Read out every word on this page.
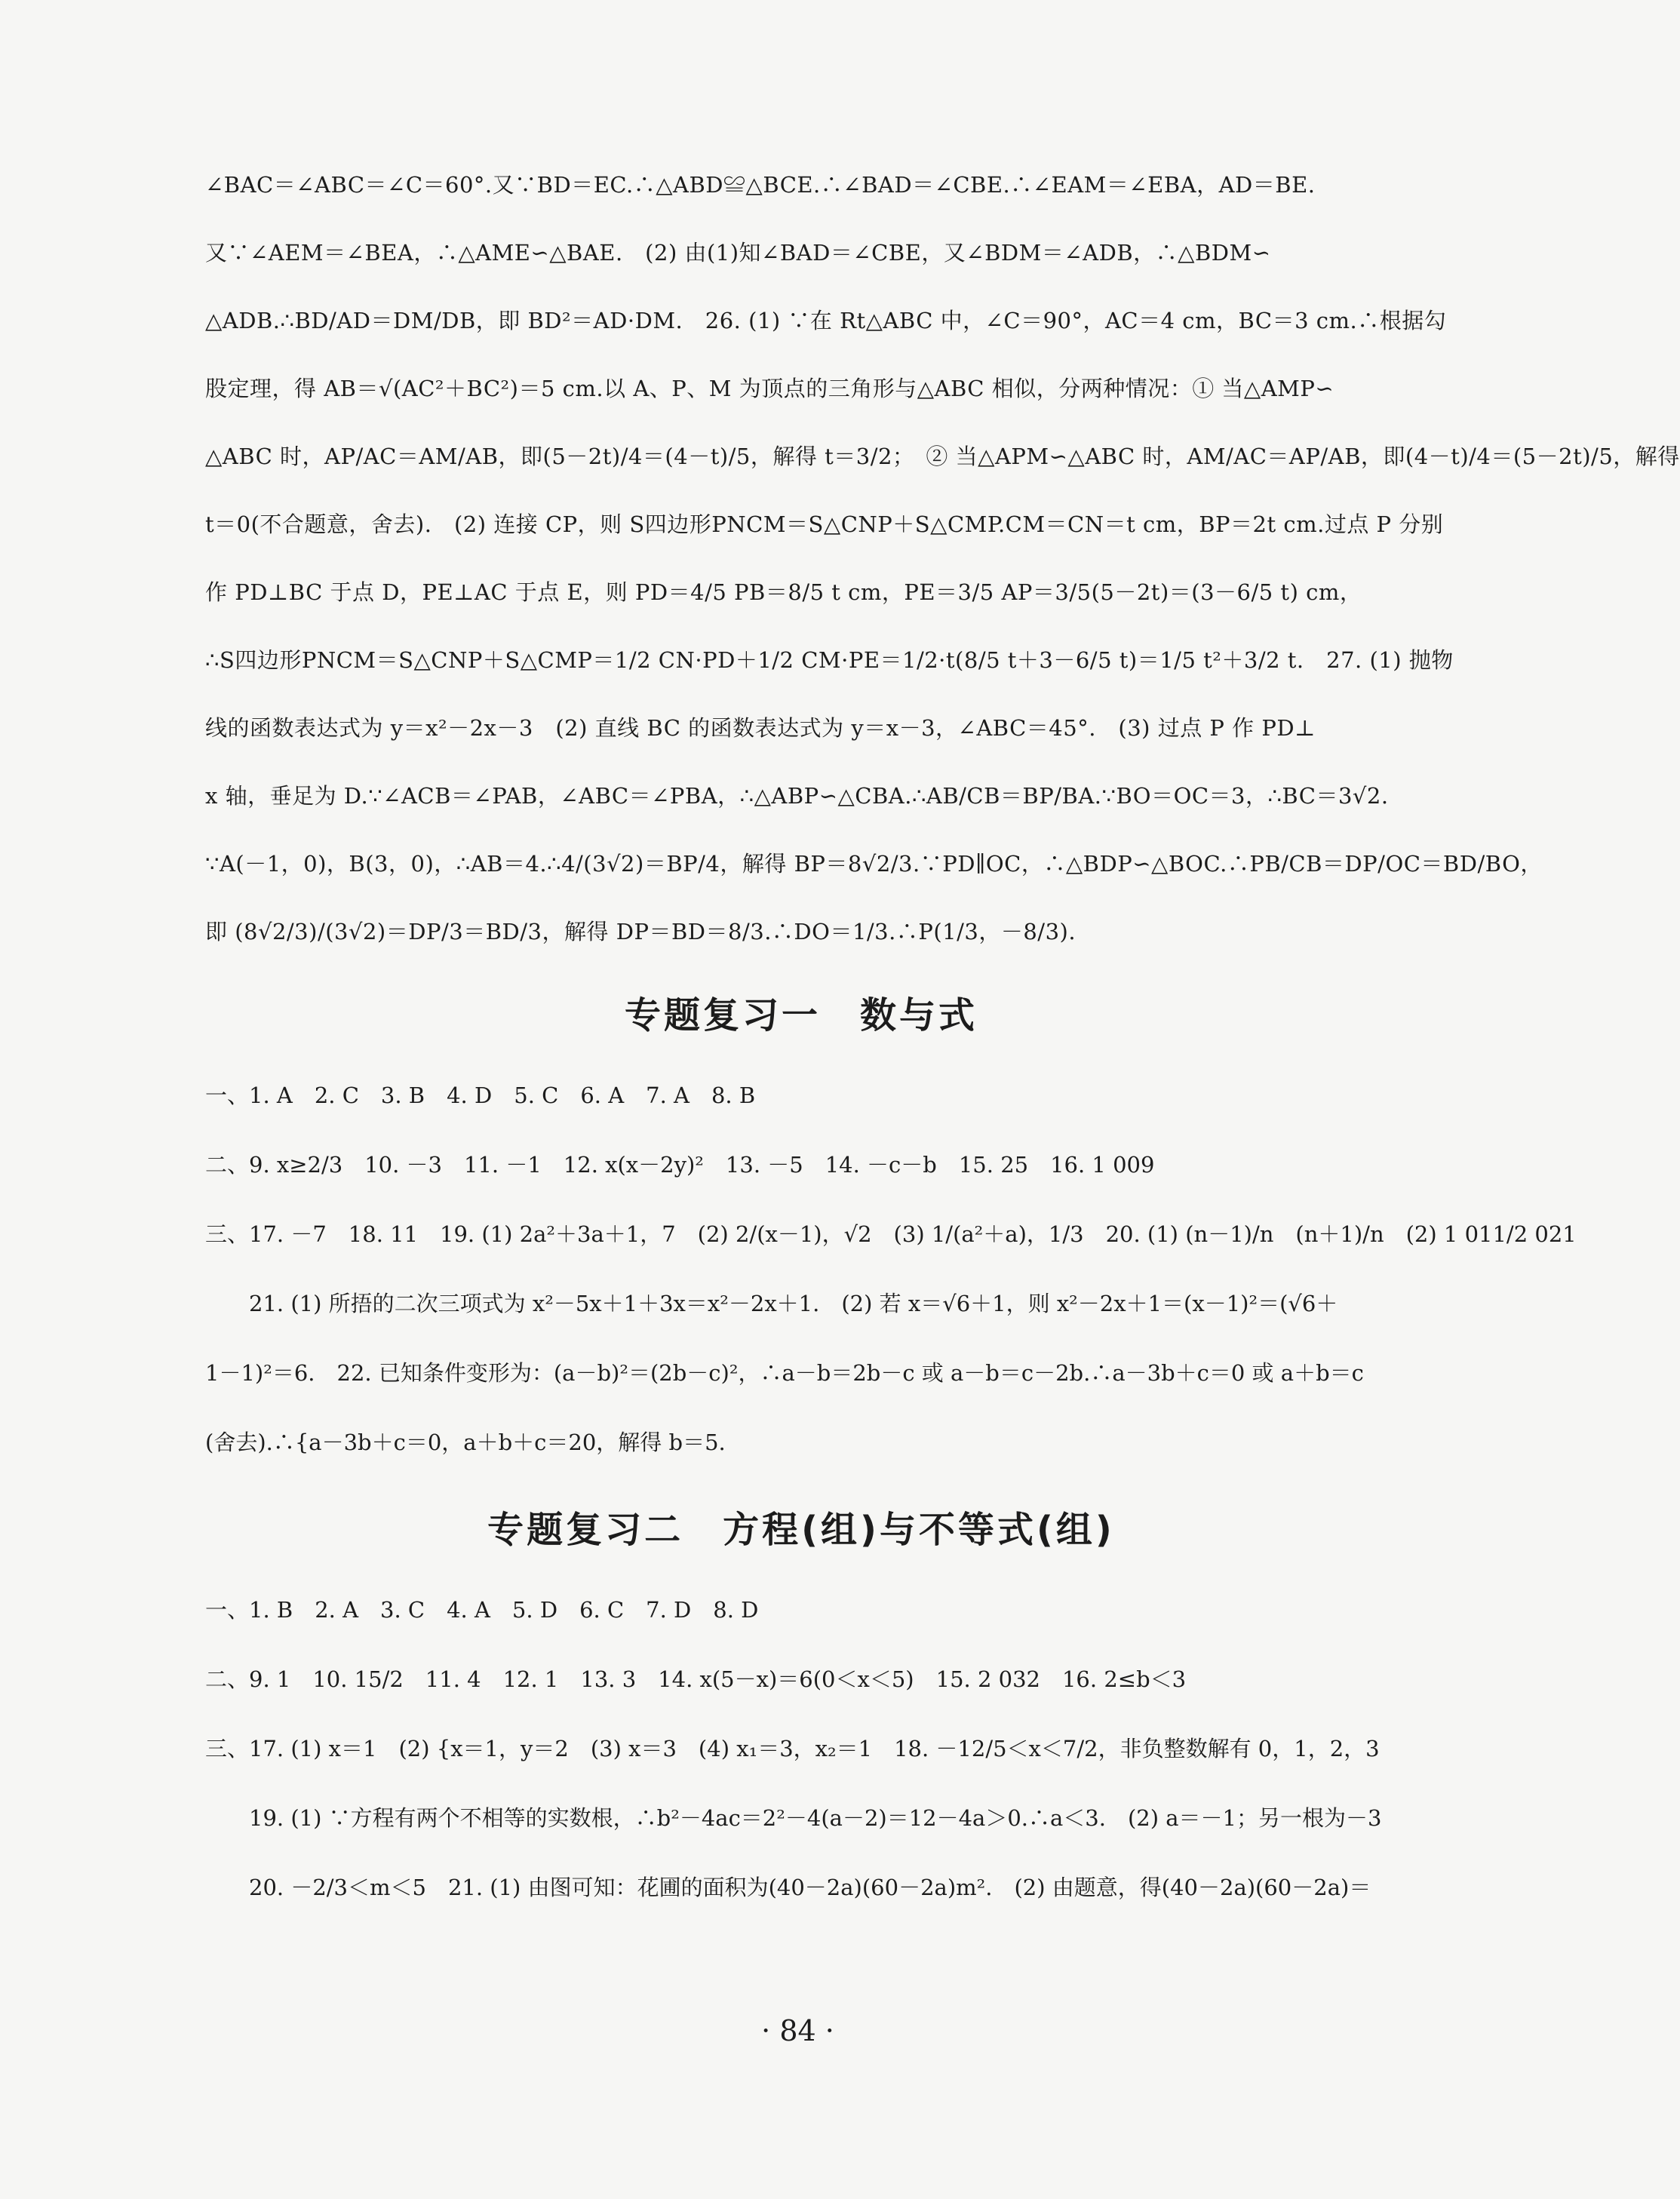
∠BAC＝∠ABC＝∠C＝60°.又∵BD＝EC.∴△ABD≌△BCE.∴∠BAD＝∠CBE.∴∠EAM＝∠EBA，AD＝BE.
又∵∠AEM＝∠BEA，∴△AME∽△BAE.　(2) 由(1)知∠BAD＝∠CBE，又∠BDM＝∠ADB，∴△BDM∽
△ADB.∴BD/AD＝DM/DB，即 BD²＝AD·DM.　26. (1) ∵在 Rt△ABC 中，∠C＝90°，AC＝4 cm，BC＝3 cm.∴根据勾
股定理，得 AB＝√(AC²＋BC²)＝5 cm.以 A、P、M 为顶点的三角形与△ABC 相似，分两种情况：① 当△AMP∽
△ABC 时，AP/AC＝AM/AB，即(5－2t)/4＝(4－t)/5，解得 t＝3/2；　② 当△APM∽△ABC 时，AM/AC＝AP/AB，即(4－t)/4＝(5－2t)/5，解得
t＝0(不合题意，舍去).　(2) 连接 CP，则 S四边形PNCM＝S△CNP＋S△CMP.CM＝CN＝t cm，BP＝2t cm.过点 P 分别
作 PD⊥BC 于点 D，PE⊥AC 于点 E，则 PD＝4/5 PB＝8/5 t cm，PE＝3/5 AP＝3/5(5－2t)＝(3－6/5 t) cm，
∴S四边形PNCM＝S△CNP＋S△CMP＝1/2 CN·PD＋1/2 CM·PE＝1/2·t(8/5 t＋3－6/5 t)＝1/5 t²＋3/2 t.　27. (1) 抛物
线的函数表达式为 y＝x²－2x－3　(2) 直线 BC 的函数表达式为 y＝x－3，∠ABC＝45°.　(3) 过点 P 作 PD⊥
x 轴，垂足为 D.∵∠ACB＝∠PAB，∠ABC＝∠PBA，∴△ABP∽△CBA.∴AB/CB＝BP/BA.∵BO＝OC＝3，∴BC＝3√2.
∵A(－1，0)，B(3，0)，∴AB＝4.∴4/(3√2)＝BP/4，解得 BP＝8√2/3.∵PD∥OC，∴△BDP∽△BOC.∴PB/CB＝DP/OC＝BD/BO，
即 (8√2/3)/(3√2)＝DP/3＝BD/3，解得 DP＝BD＝8/3.∴DO＝1/3.∴P(1/3，－8/3).
专题复习一　数与式
一、1. A　2. C　3. B　4. D　5. C　6. A　7. A　8. B
二、9. x≥2/3　10. －3　11. －1　12. x(x－2y)²　13. －5　14. －c－b　15. 25　16. 1 009
三、17. －7　18. 11　19. (1) 2a²＋3a＋1，7　(2) 2/(x－1)，√2　(3) 1/(a²＋a)，1/3　20. (1) (n－1)/n　(n＋1)/n　(2) 1 011/2 021
　　21. (1) 所捂的二次三项式为 x²－5x＋1＋3x＝x²－2x＋1.　(2) 若 x＝√6＋1，则 x²－2x＋1＝(x－1)²＝(√6＋
1－1)²＝6.　22. 已知条件变形为：(a－b)²＝(2b－c)²，∴a－b＝2b－c 或 a－b＝c－2b.∴a－3b＋c＝0 或 a＋b＝c
(舍去).∴{a－3b＋c＝0，a＋b＋c＝20，解得 b＝5.
专题复习二　方程(组)与不等式(组)
一、1. B　2. A　3. C　4. A　5. D　6. C　7. D　8. D
二、9. 1　10. 15/2　11. 4　12. 1　13. 3　14. x(5－x)＝6(0＜x＜5)　15. 2 032　16. 2≤b＜3
三、17. (1) x＝1　(2) {x＝1，y＝2　(3) x＝3　(4) x₁＝3，x₂＝1　18. －12/5＜x＜7/2，非负整数解有 0，1，2，3
　　19. (1) ∵方程有两个不相等的实数根，∴b²－4ac＝2²－4(a－2)＝12－4a＞0.∴a＜3.　(2) a＝－1；另一根为－3
　　20. －2/3＜m＜5　21. (1) 由图可知：花圃的面积为(40－2a)(60－2a)m².　(2) 由题意，得(40－2a)(60－2a)＝
· 84 ·
